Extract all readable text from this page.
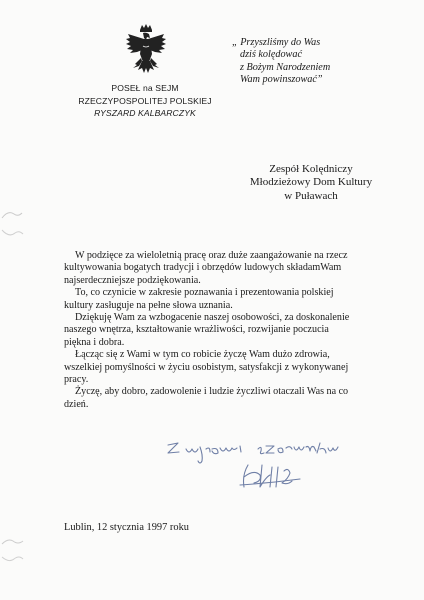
POSEŁ na SEJM
RZECZYPOSPOLITEJ POLSKIEJ
RYSZARD KALBARCZYK
„ Przyszliśmy do Was
dziś kolędować
z Bożym Narodzeniem
Wam powinszować”
Zespół Kolędniczy
Młodzieżowy Dom Kultury
w Puławach

W podzięce za wieloletnią pracę oraz duże zaangażowanie na rzecz

kultywowania bogatych tradycji i obrzędów ludowych składamWam

najserdeczniejsze podziękowania.

To, co czynicie w zakresie poznawania i prezentowania polskiej

kultury zasługuje na pełne słowa uznania.

Dziękuję Wam za wzbogacenie naszej osobowości, za doskonalenie

naszego wnętrza, kształtowanie wrażliwości, rozwijanie poczucia

piękna i dobra.

Łącząc się z Wami w tym co robicie życzę Wam dużo zdrowia,

wszelkiej pomyślności w życiu osobistym, satysfakcji z wykonywanej

pracy.

Życzę, aby dobro, zadowolenie i ludzie życzliwi otaczali Was na co

dzień.

Lublin, 12 stycznia 1997 roku
